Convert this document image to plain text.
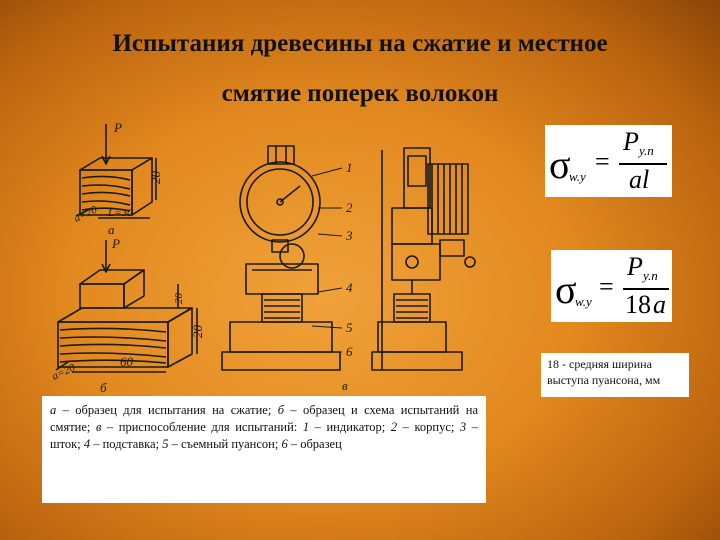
Испытания древесины на сжатие и местное
смятие поперек волокон
P
20
a=20 L=30
а
P
20
20
60
a=20
б	в
1
2
3
4
5
6
σ
w.y
=
P y.n
al
σ
w.y
=
P y.n
18 a
18 - средняя ширина выступа пуансона, мм
а – образец для испытания на сжатие; б – образец и схема испытаний на смятие; в – приспособление для испытаний: 1 – индикатор; 2 – корпус; 3 – шток; 4 – подставка; 5 – съемный пуансон; 6 – образец
